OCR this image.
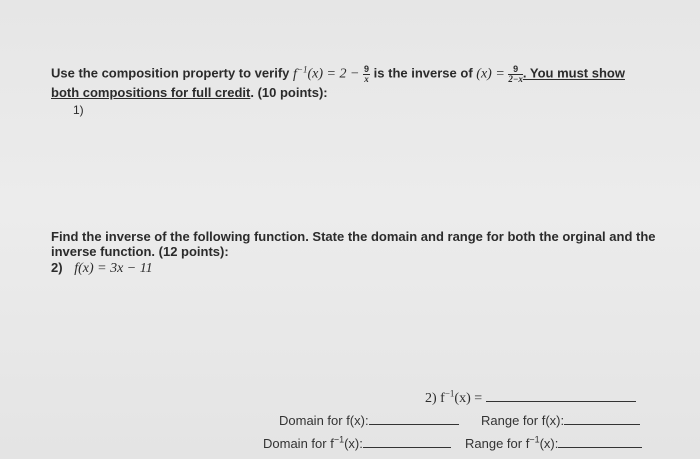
Use the composition property to verify $f^{-1}(x) = 2 - \frac{9}{x}$ is the inverse of $(x) = \frac{9}{2-x}$ . You must show
both compositions for full credit. (10 points):
1)
Find the inverse of the following function. State the domain and range for both the orginal and the
inverse function. (12 points):
2) f(x) = 3x − 11
2) $f^{-1}(x)$ =
Domain for f(x):	Range for f(x):
Domain for $f^{-1}(x)$:	Range for $f^{-1}(x)$:
